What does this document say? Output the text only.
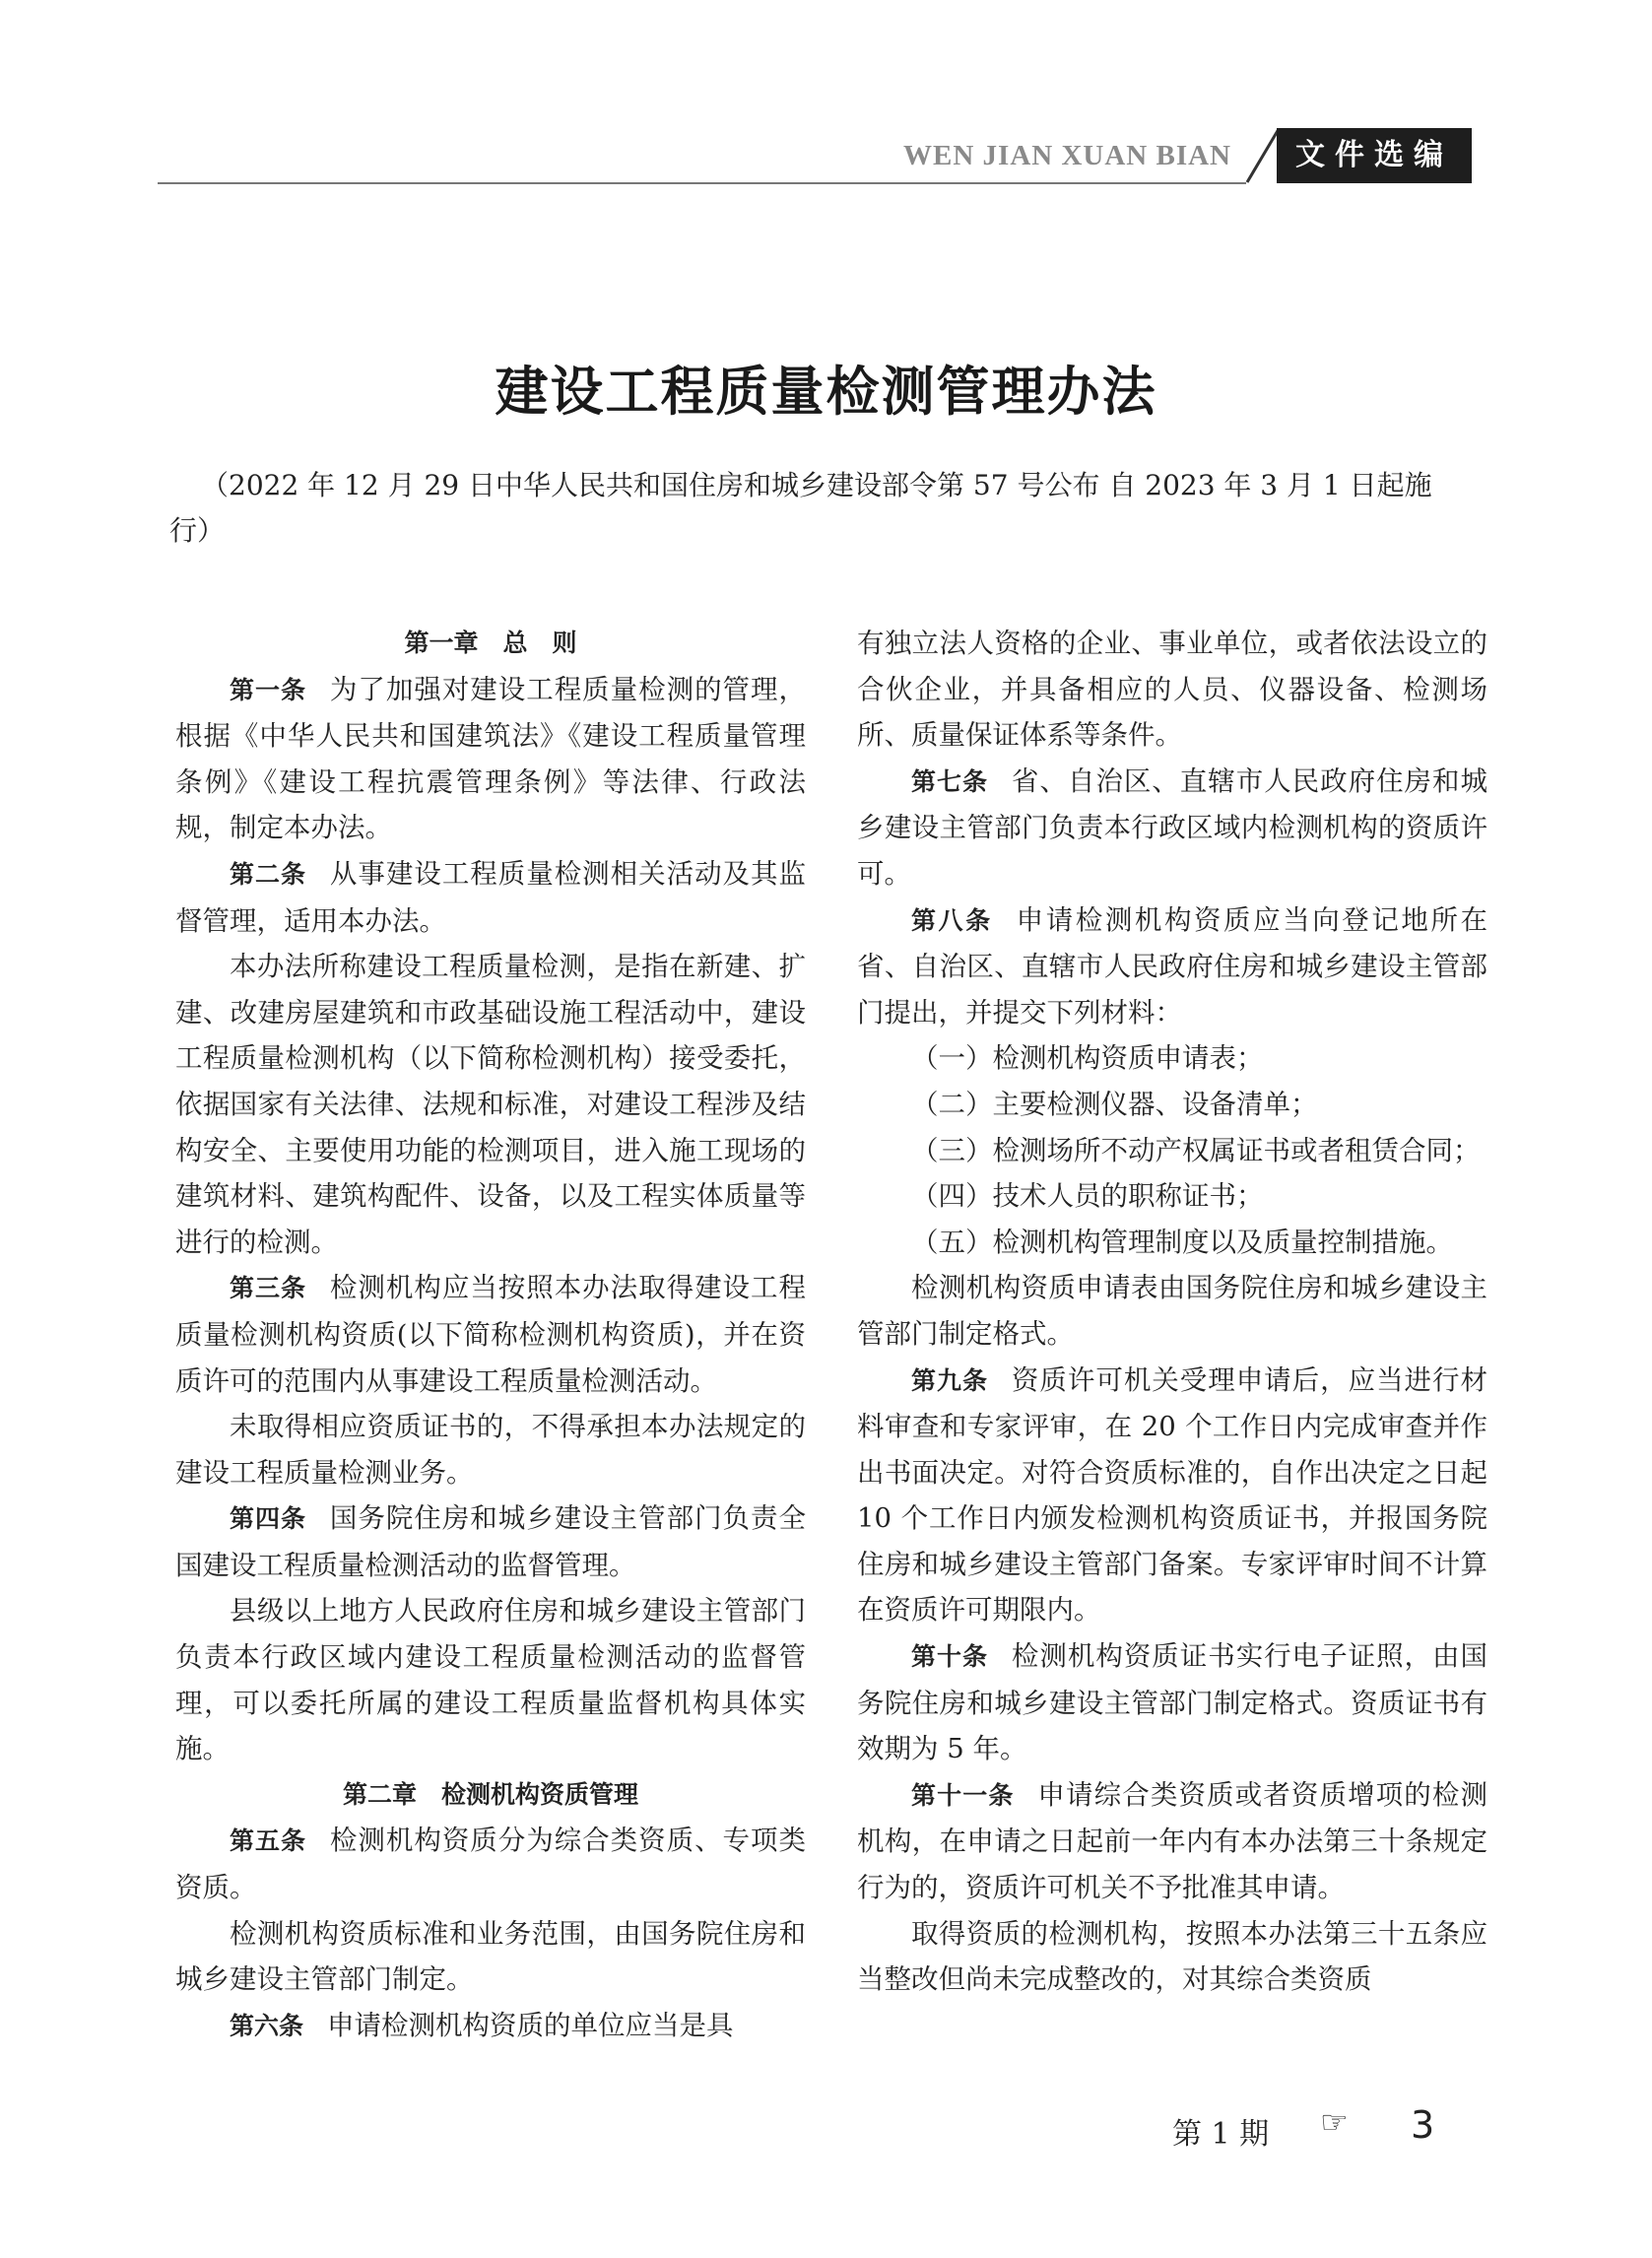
WEN JIAN XUAN BIAN	文件选编
建设工程质量检测管理办法
（2022 年 12 月 29 日中华人民共和国住房和城乡建设部令第 57 号公布 自 2023 年 3 月 1 日起施行）

第一章　总　则

第一条 为了加强对建设工程质量检测的管理，根据《中华人民共和国建筑法》《建设工程质量管理条例》《建设工程抗震管理条例》等法律、行政法规，制定本办法。

第二条 从事建设工程质量检测相关活动及其监督管理，适用本办法。

本办法所称建设工程质量检测，是指在新建、扩建、改建房屋建筑和市政基础设施工程活动中，建设工程质量检测机构（以下简称检测机构）接受委托，依据国家有关法律、法规和标准，对建设工程涉及结构安全、主要使用功能的检测项目，进入施工现场的建筑材料、建筑构配件、设备，以及工程实体质量等进行的检测。

第三条 检测机构应当按照本办法取得建设工程质量检测机构资质(以下简称检测机构资质)，并在资质许可的范围内从事建设工程质量检测活动。

未取得相应资质证书的，不得承担本办法规定的建设工程质量检测业务。

第四条 国务院住房和城乡建设主管部门负责全国建设工程质量检测活动的监督管理。

县级以上地方人民政府住房和城乡建设主管部门负责本行政区域内建设工程质量检测活动的监督管理，可以委托所属的建设工程质量监督机构具体实施。

第二章　检测机构资质管理

第五条 检测机构资质分为综合类资质、专项类资质。

检测机构资质标准和业务范围，由国务院住房和城乡建设主管部门制定。

第六条 申请检测机构资质的单位应当是具

有独立法人资格的企业、事业单位，或者依法设立的合伙企业，并具备相应的人员、仪器设备、检测场所、质量保证体系等条件。

第七条 省、自治区、直辖市人民政府住房和城乡建设主管部门负责本行政区域内检测机构的资质许可。

第八条 申请检测机构资质应当向登记地所在省、自治区、直辖市人民政府住房和城乡建设主管部门提出，并提交下列材料：

（一）检测机构资质申请表；

（二）主要检测仪器、设备清单；

（三）检测场所不动产权属证书或者租赁合同；

（四）技术人员的职称证书；

（五）检测机构管理制度以及质量控制措施。

检测机构资质申请表由国务院住房和城乡建设主管部门制定格式。

第九条 资质许可机关受理申请后，应当进行材料审查和专家评审，在 20 个工作日内完成审查并作出书面决定。对符合资质标准的，自作出决定之日起 10 个工作日内颁发检测机构资质证书，并报国务院住房和城乡建设主管部门备案。专家评审时间不计算在资质许可期限内。

第十条 检测机构资质证书实行电子证照，由国务院住房和城乡建设主管部门制定格式。资质证书有效期为 5 年。

第十一条 申请综合类资质或者资质增项的检测机构，在申请之日起前一年内有本办法第三十条规定行为的，资质许可机关不予批准其申请。

取得资质的检测机构，按照本办法第三十五条应当整改但尚未完成整改的，对其综合类资质

第 1 期 ☞ 3
